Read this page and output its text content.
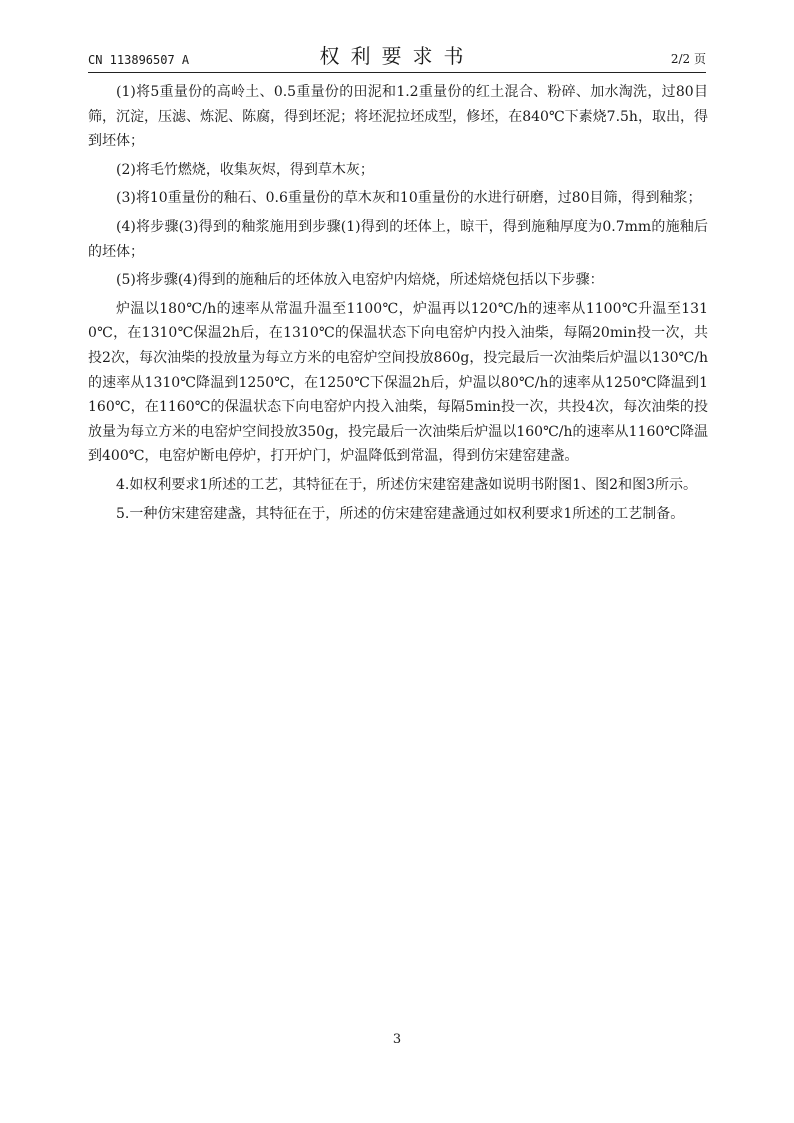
CN 113896507 A	权利要求书	2/2 页

(1)将5重量份的高岭土、0.5重量份的田泥和1.2重量份的红土混合、粉碎、加水淘洗，过80目筛，沉淀，压滤、炼泥、陈腐，得到坯泥；将坯泥拉坯成型，修坯，在840℃下素烧7.5h，取出，得到坯体；

(2)将毛竹燃烧，收集灰烬，得到草木灰；

(3)将10重量份的釉石、0.6重量份的草木灰和10重量份的水进行研磨，过80目筛，得到釉浆；

(4)将步骤(3)得到的釉浆施用到步骤(1)得到的坯体上，晾干，得到施釉厚度为0.7mm的施釉后的坯体；

(5)将步骤(4)得到的施釉后的坯体放入电窑炉内焙烧，所述焙烧包括以下步骤：

炉温以180℃/h的速率从常温升温至1100℃，炉温再以120℃/h的速率从1100℃升温至1310℃，在1310℃保温2h后，在1310℃的保温状态下向电窑炉内投入油柴，每隔20min投一次，共投2次，每次油柴的投放量为每立方米的电窑炉空间投放860g，投完最后一次油柴后炉温以130℃/h的速率从1310℃降温到1250℃，在1250℃下保温2h后，炉温以80℃/h的速率从1250℃降温到1160℃，在1160℃的保温状态下向电窑炉内投入油柴，每隔5min投一次，共投4次，每次油柴的投放量为每立方米的电窑炉空间投放350g，投完最后一次油柴后炉温以160℃/h的速率从1160℃降温到400℃，电窑炉断电停炉，打开炉门，炉温降低到常温，得到仿宋建窑建盏。

4.如权利要求1所述的工艺，其特征在于，所述仿宋建窑建盏如说明书附图1、图2和图3所示。

5.一种仿宋建窑建盏，其特征在于，所述的仿宋建窑建盏通过如权利要求1所述的工艺制备。

3
